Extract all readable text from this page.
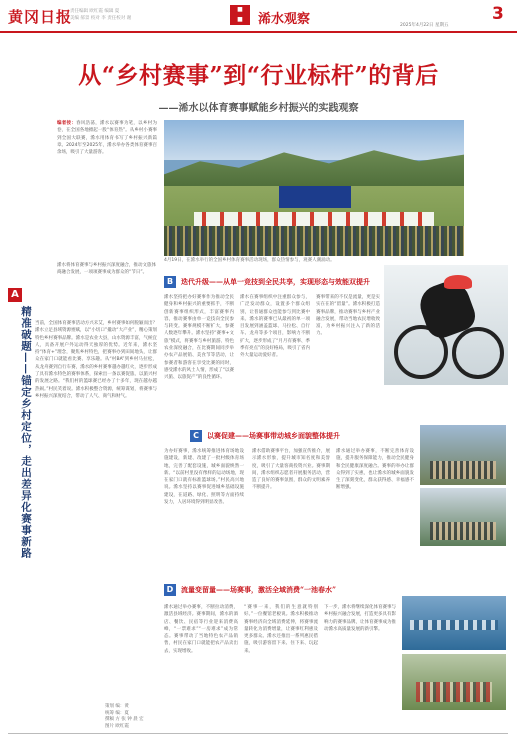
黄冈日报
责任编辑 欧红霞 编辑 夏
美编 郝景 校对 李 责任校对 谢
■
■	浠水观察	2025年4月22日 星期五
3
从“乡村赛事”到“行业标杆”的背后
——浠水以体育赛事赋能乡村振兴的实践观察
编者按：春风浩荡，浠水以赛事为笔，以乡村为卷，在全国各地掀起一股“体育热”。从乡村小赛事到全国大联赛，浠水用体育书写了乡村振兴新篇章。2024年至2025年，浠水举办各类体育赛事百余场，吸引了大量游客。
4月19日，在浠水举行的全国乡村体育赛事活动现场，群众热情参与，观赛人潮涌动。
浠水将体育赛事与乡村振兴深度融合，推动文旅体商融合发展，一项项赛事成为群众的“节日”。
A
精准破题——锚定乡村定位，走出差异化赛事新路 当前，全国体育赛事活动方兴未艾，乡村赛事如何脱颖而出？浠水立足县域资源禀赋，以“小切口”撬动“大产业”，精心策划特色乡村赛事品牌。浠水是农业大县，山水资源丰富，气候宜人，具备开展户外运动得天独厚的优势。近年来，浠水坚持“体育+”理念，聚焦乡村特色，把赛事办到田间地头，让群众在家门口就能看比赛、享乐趣。从“村BA”到乡村马拉松，从龙舟赛到自行车赛，浠水的乡村赛事越办越红火，逐步形成了具有浠水特色的赛事体系，探索出一条以赛促旅、以旅兴村的发展之路。“我们村的篮球赛已经办了十多年，现在越办越热闹。”村民笑着说。浠水积极整合资源，统筹谋划，将赛事与乡村振兴深度结合，带动了人气、商气和财气。
策划 编：黄
统筹 编：夏
撰稿 方 张 钟 晨 宏
图片 欧红霞
B	迭代升级——从单一竞技到全民共享，实现形态与效能双提升
浠水坚持把办好赛事作为推动全民健身和乡村振兴的重要抓手，不断创新赛事组织形式，丰富赛事内容，推动赛事由单一竞技向全民参与转变。赛事规模不断扩大，参赛人数逐年攀升。浠水坚持“赛事+文旅”模式，将赛事与乡村旅游、特色农业深度融合，在比赛期间同步举办农产品展销、美食节等活动，让参赛者和游客在享受比赛的同时，感受浠水的风土人情，形成了“以赛兴旅、以旅促产”的良性循环。
浠水在赛事组织中注重群众参与，广泛发动群众，设置多个群众组别，让普通群众也能参与到比赛中来。浠水的赛事已从最初的单一项目发展到涵盖篮球、马拉松、自行车、龙舟等多个项目，影响力不断扩大，逐步形成了“月月有赛事、季季有亮点”的良好格局，吸引了省内外大量运动爱好者。
赛事带来的不仅是流量，更是实实在在的“留量”。浠水积极打造赛事品牌，推动赛事与乡村产业融合发展，带动当地农民增收致富，为乡村振兴注入了新的活力。
C	以赛促建——场赛事带动城乡面貌整体提升
为办好赛事，浠水统筹推进体育场地设施建设，新建、改建了一批村级体育场地，完善了配套设施，城乡面貌焕然一新。“以前村里没有像样的运动场地，现在家门口就有标准篮球场。”村民高兴地说。浠水坚持以赛事促进城乡基础设施建设，在道路、绿化、照明等方面持续发力，人居环境得到明显改善。
浠水借助赛事平台，加强宣传推介，展示浠水形象，提升城市知名度和美誉度，吸引了大量客商投资兴业。赛事期间，浠水组织志愿者开展服务活动，营造了良好的赛事氛围，群众的文明素养不断提升。
浠水通过举办赛事，不断完善体育设施，提升服务保障能力，推动全民健身和全民健康深度融合。赛事的举办让群众得到了实惠，也让浠水的城乡面貌发生了深刻变化，群众获得感、幸福感不断增强。
D	流量变留量——场赛事，激活全域消费“一池春水”
浠水通过举办赛事，不断拉动消费，激活县域经济。赛事期间，浠水的酒店、餐饮、民宿等行业迎来消费高峰，“一票难求”“一房难求”成为常态。赛事带动了当地特色农产品销售，村民在家门口就能把农产品卖出去，实现增收。
“赛事一来，我们的生意就特别好。”一位餐馆老板说。浠水积极推动赛事经济向全域消费延伸，将赛事流量转化为消费增量，让赛事红利惠及更多群众。浠水还推出一系列惠民措施，吸引游客留下来、住下来、玩起来。
下一步，浠水将继续深化体育赛事与乡村振兴融合发展，打造更多具有影响力的赛事品牌，让体育赛事成为推动浠水高质量发展的新引擎。
